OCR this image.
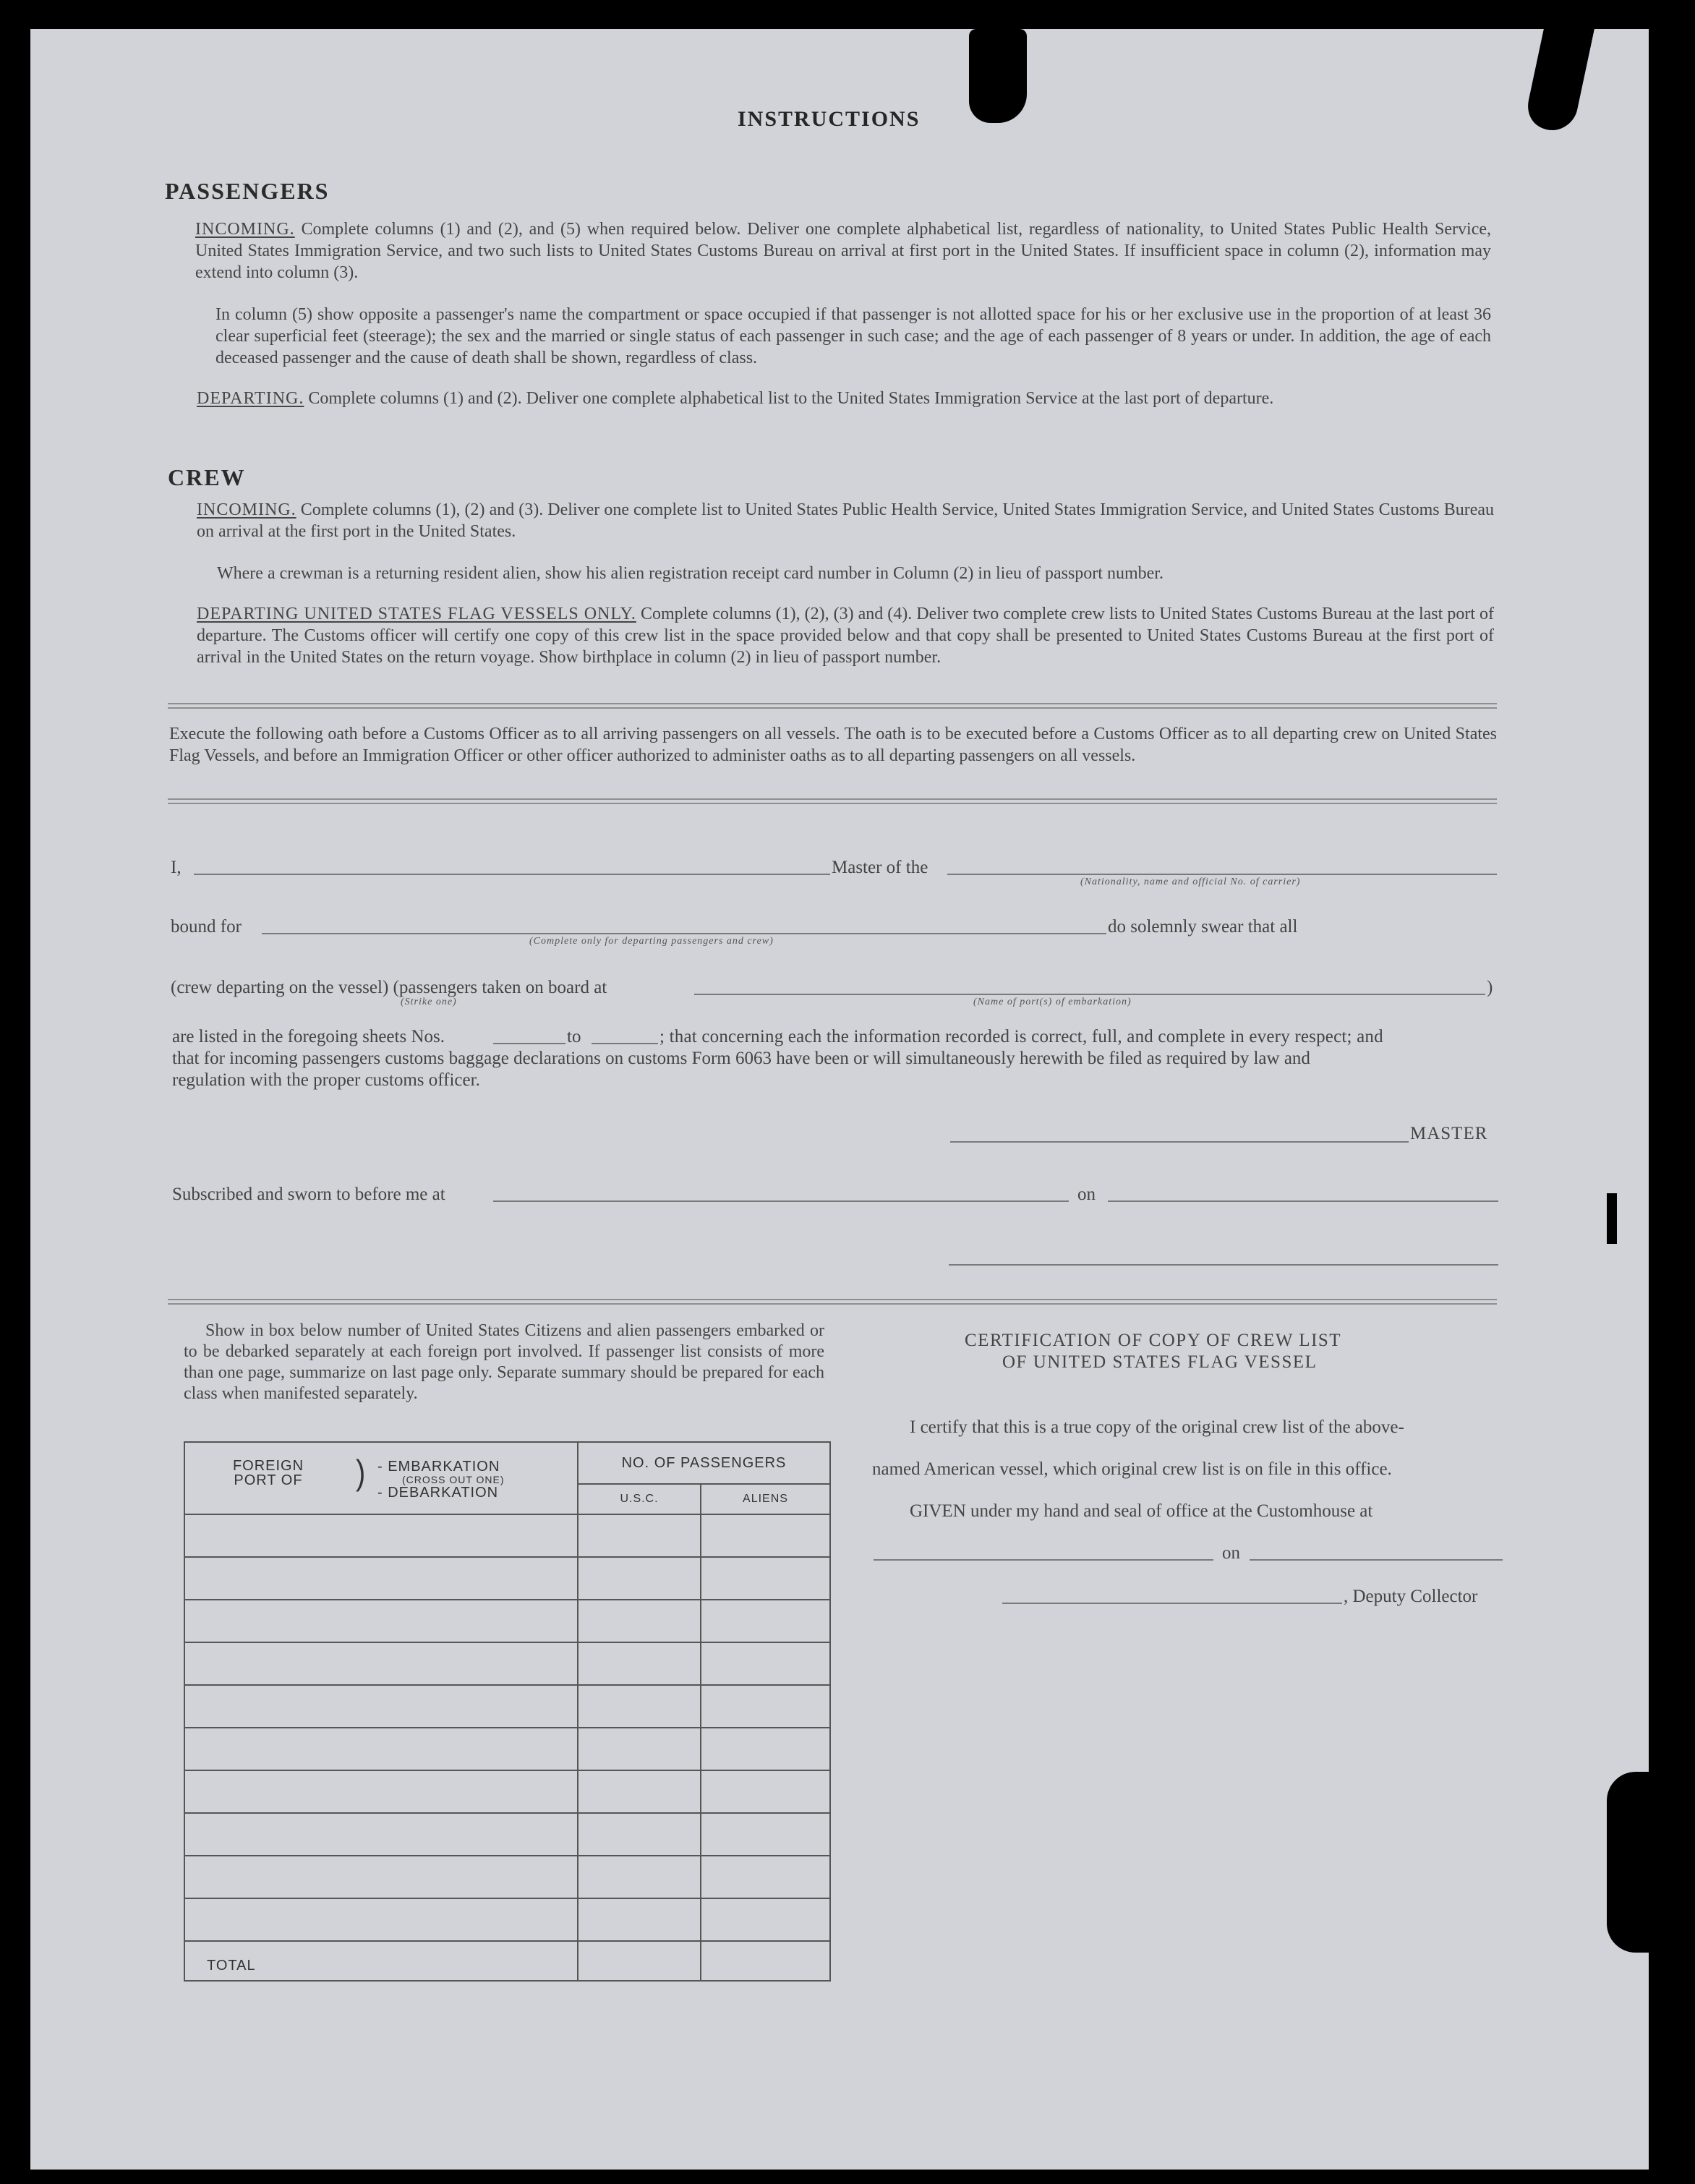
INSTRUCTIONS
PASSENGERS
INCOMING. Complete columns (1) and (2), and (5) when required below. Deliver one complete alphabetical list, regardless of nationality, to United States Public Health Service, United States Immigration Service, and two such lists to United States Customs Bureau on arrival at first port in the United States. If insufficient space in column (2), information may extend into column (3).
In column (5) show opposite a passenger's name the compartment or space occupied if that passenger is not allotted space for his or her exclusive use in the proportion of at least 36 clear superficial feet (steerage); the sex and the married or single status of each passenger in such case; and the age of each passenger of 8 years or under. In addition, the age of each deceased passenger and the cause of death shall be shown, regardless of class.
DEPARTING. Complete columns (1) and (2). Deliver one complete alphabetical list to the United States Immigration Service at the last port of departure.
CREW
INCOMING. Complete columns (1), (2) and (3). Deliver one complete list to United States Public Health Service, United States Immigration Service, and United States Customs Bureau on arrival at the first port in the United States.
Where a crewman is a returning resident alien, show his alien registration receipt card number in Column (2) in lieu of passport number.
DEPARTING UNITED STATES FLAG VESSELS ONLY. Complete columns (1), (2), (3) and (4). Deliver two complete crew lists to United States Customs Bureau at the last port of departure. The Customs officer will certify one copy of this crew list in the space provided below and that copy shall be presented to United States Customs Bureau at the first port of arrival in the United States on the return voyage. Show birthplace in column (2) in lieu of passport number.
Execute the following oath before a Customs Officer as to all arriving passengers on all vessels. The oath is to be executed before a Customs Officer as to all departing crew on United States Flag Vessels, and before an Immigration Officer or other officer authorized to administer oaths as to all departing passengers on all vessels.
I,	Master of the
(Nationality, name and official No. of carrier)
bound for
(Complete only for departing passengers and crew)
do solemnly swear that all
(crew departing on the vessel) (passengers taken on board at	)
(Strike one)	(Name of port(s) of embarkation)
are listed in the foregoing sheets Nos.	to	; that concerning each the information recorded is correct, full, and complete in every respect; and
that for incoming passengers customs baggage declarations on customs Form 6063 have been or will simultaneously herewith be filed as required by law and
regulation with the proper customs officer.
MASTER
Subscribed and sworn to before me at	on
Show in box below number of United States Citizens and alien passengers embarked or to be debarked separately at each foreign port involved. If passenger list consists of more than one page, summarize on last page only. Separate summary should be prepared for each class when manifested separately.
FOREIGN PORT OF ) - EMBARKATION
(CROSS OUT ONE)
- DEBARKATION	NO. OF PASSENGERS	
	U.S.C.	ALIENS

TOTAL		

CERTIFICATION OF COPY OF CREW LIST
OF UNITED STATES FLAG VESSEL
I certify that this is a true copy of the original crew list of the above-
named American vessel, which original crew list is on file in this office.
GIVEN under my hand and seal of office at the Customhouse at
on
, Deputy Collector
